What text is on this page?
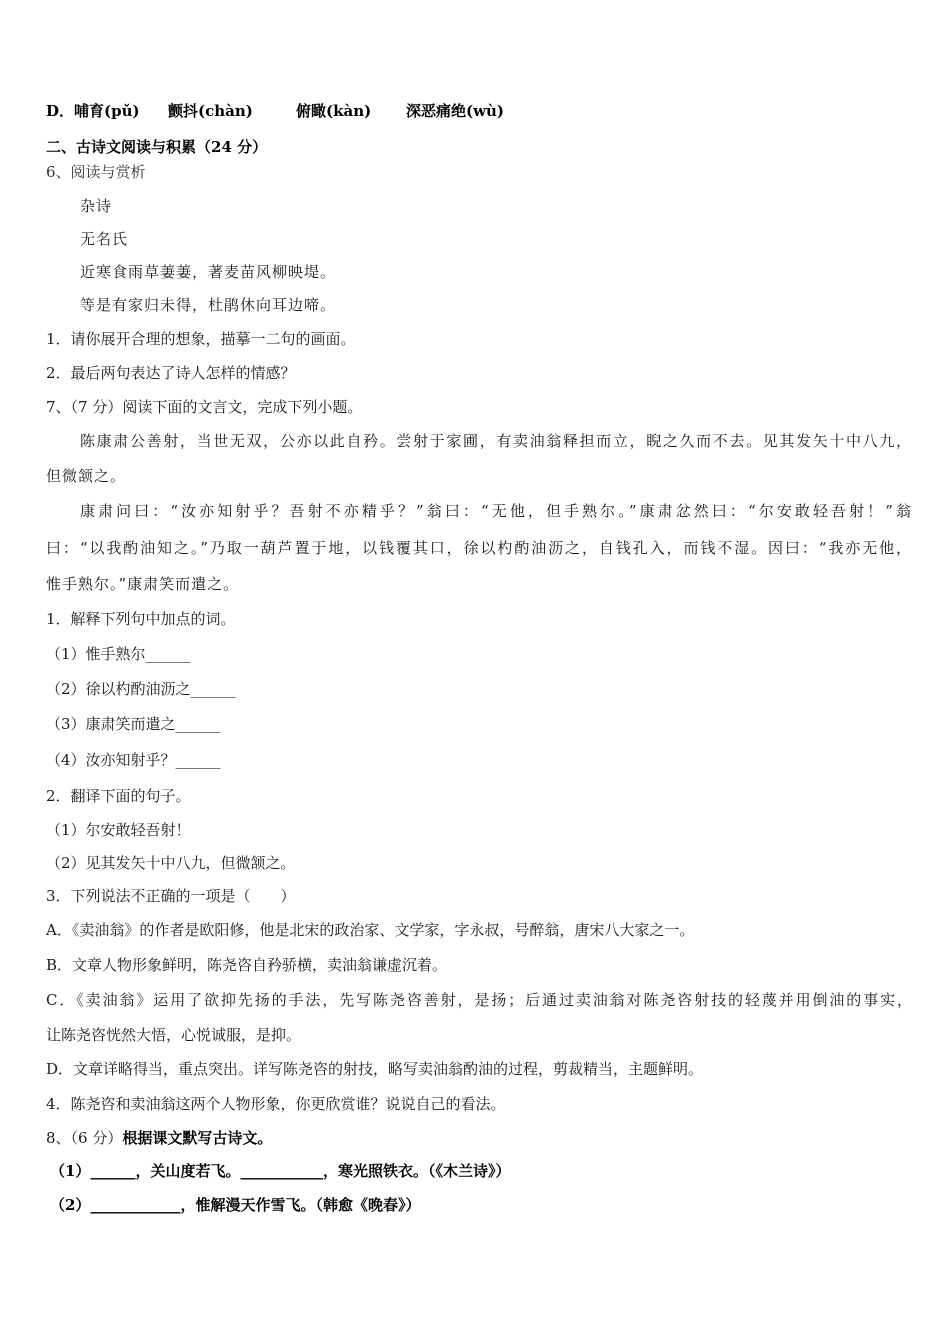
D． 哺育(pǔ) 颤抖(chàn)	俯瞰(kàn) 深恶痛绝(wù)
二、古诗文阅读与积累（24 分）
6、阅读与赏析
杂诗
无名氏
近寒食雨草萋萋，著麦苗风柳映堤。
等是有家归未得，杜鹃休向耳边啼。
1．请你展开合理的想象，描摹一二句的画面。
2．最后两句表达了诗人怎样的情感？
7、（7 分）阅读下面的文言文，完成下列小题。
陈康肃公善射，当世无双，公亦以此自矜。尝射于家圃，有卖油翁释担而立，睨之久而不去。见其发矢十中八九，
但微颔之。
康肃问曰：“汝亦知射乎？吾射不亦精乎？”翁曰：“无他，但手熟尔。”康肃忿然曰：“尔安敢轻吾射！”翁
曰：“以我酌油知之。”乃取一葫芦置于地，以钱覆其口，徐以杓酌油沥之，自钱孔入，而钱不湿。因曰：“我亦无他，
惟手熟尔。”康肃笑而遣之。
1．解释下列句中加点的词。
（1）惟手熟尔______
（2）徐以杓酌油沥之______
（3）康肃笑而遣之______
（4）汝亦知射乎？______
2．翻译下面的句子。
（1）尔安敢轻吾射！
（2）见其发矢十中八九，但微颔之。
3．下列说法不正确的一项是（　　）
A．《卖油翁》的作者是欧阳修，他是北宋的政治家、文学家，字永叔，号醉翁，唐宋八大家之一。
B．文章人物形象鲜明，陈尧咨自矜骄横，卖油翁谦虚沉着。
C．《卖油翁》运用了欲抑先扬的手法，先写陈尧咨善射，是扬；后通过卖油翁对陈尧咨射技的轻蔑并用倒油的事实，
让陈尧咨恍然大悟，心悦诚服，是抑。
D．文章详略得当，重点突出。详写陈尧咨的射技，略写卖油翁酌油的过程，剪裁精当，主题鲜明。
4．陈尧咨和卖油翁这两个人物形象，你更欣赏谁？说说自己的看法。
8、（6 分）根据课文默写古诗文。
（1）______，关山度若飞。___________，寒光照铁衣。（《木兰诗》）
（2）____________，惟解漫天作雪飞。（韩愈《晚春》）
